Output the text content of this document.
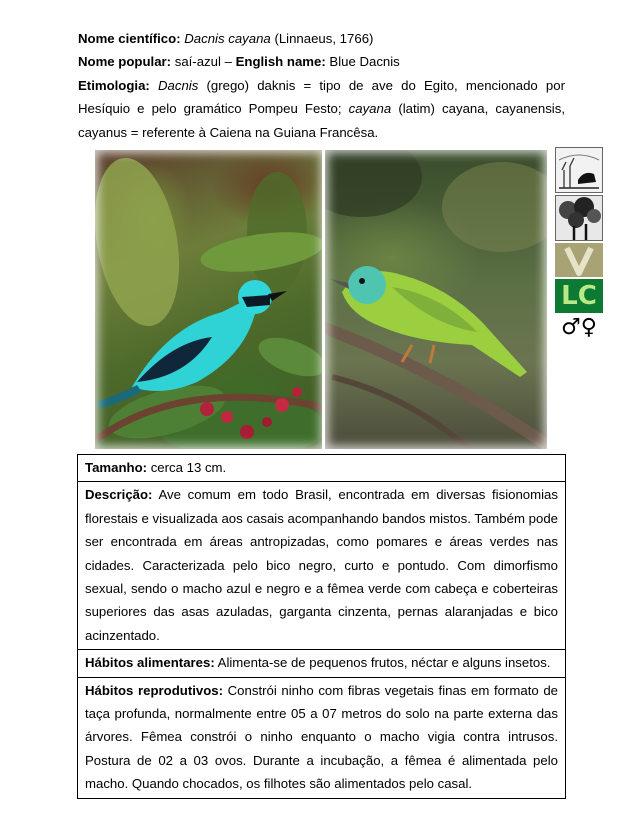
Nome científico: Dacnis cayana (Linnaeus, 1766)

Nome popular: saí-azul – English name: Blue Dacnis

Etimologia: Dacnis (grego) daknis = tipo de ave do Egito, mencionado por Hesíquio e pelo gramático Pompeu Festo; cayana (latim) cayana, cayanensis, cayanus = referente à Caiena na Guiana Francêsa.

LC
♂♀
Tamanho: cerca 13 cm.
Descrição: Ave comum em todo Brasil, encontrada em diversas fisionomias florestais e visualizada aos casais acompanhando bandos mistos. Também pode ser encontrada em áreas antropizadas, como pomares e áreas verdes nas cidades. Caracterizada pelo bico negro, curto e pontudo. Com dimorfismo sexual, sendo o macho azul e negro e a fêmea verde com cabeça e coberteiras superiores das asas azuladas, garganta cinzenta, pernas alaranjadas e bico acinzentado.
Hábitos alimentares: Alimenta-se de pequenos frutos, néctar e alguns insetos.
Hábitos reprodutivos: Constrói ninho com fibras vegetais finas em formato de taça profunda, normalmente entre 05 a 07 metros do solo na parte externa das árvores. Fêmea constrói o ninho enquanto o macho vigia contra intrusos. Postura de 02 a 03 ovos. Durante a incubação, a fêmea é alimentada pelo macho. Quando chocados, os filhotes são alimentados pelo casal.
